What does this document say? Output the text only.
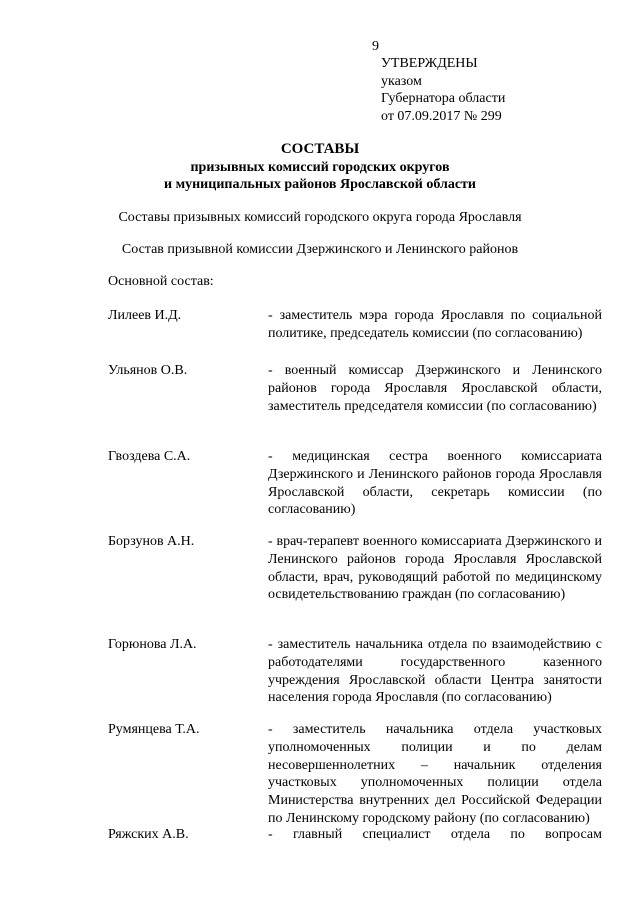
9
УТВЕРЖДЕНЫ
указом
Губернатора области
от 07.09.2017 № 299
СОСТАВЫ
призывных комиссий городских округов
и муниципальных районов Ярославской области
Составы призывных комиссий городского округа города Ярославля
Состав призывной комиссии Дзержинского и Ленинского районов
Основной состав:
Лилеев И.Д.	- заместитель мэра города Ярославля по социальной политике, председатель комиссии (по согласованию)
Ульянов О.В.	- военный комиссар Дзержинского и Ленинского районов города Ярославля Ярославской области, заместитель председателя комиссии (по согласованию)
Гвоздева С.А.	- медицинская сестра военного комиссариата Дзержинского и Ленинского районов города Ярославля Ярославской области, секретарь комиссии (по согласованию)
Борзунов А.Н.	- врач-терапевт военного комиссариата Дзержинского и Ленинского районов города Ярославля Ярославской области, врач, руководящий работой по медицинскому освидетельствованию граждан (по согласованию)
Горюнова Л.А.	- заместитель начальника отдела по взаимодействию с работодателями государственного казенного учреждения Ярославской области Центра занятости населения города Ярославля (по согласованию)
Румянцева Т.А.	- заместитель начальника отдела участковых уполномоченных полиции и по делам несовершеннолетних – начальник отделения участковых уполномоченных полиции отдела Министерства внутренних дел Российской Федерации по Ленинскому городскому району (по согласованию)
Ряжских А.В.	- главный специалист отдела по вопросам
